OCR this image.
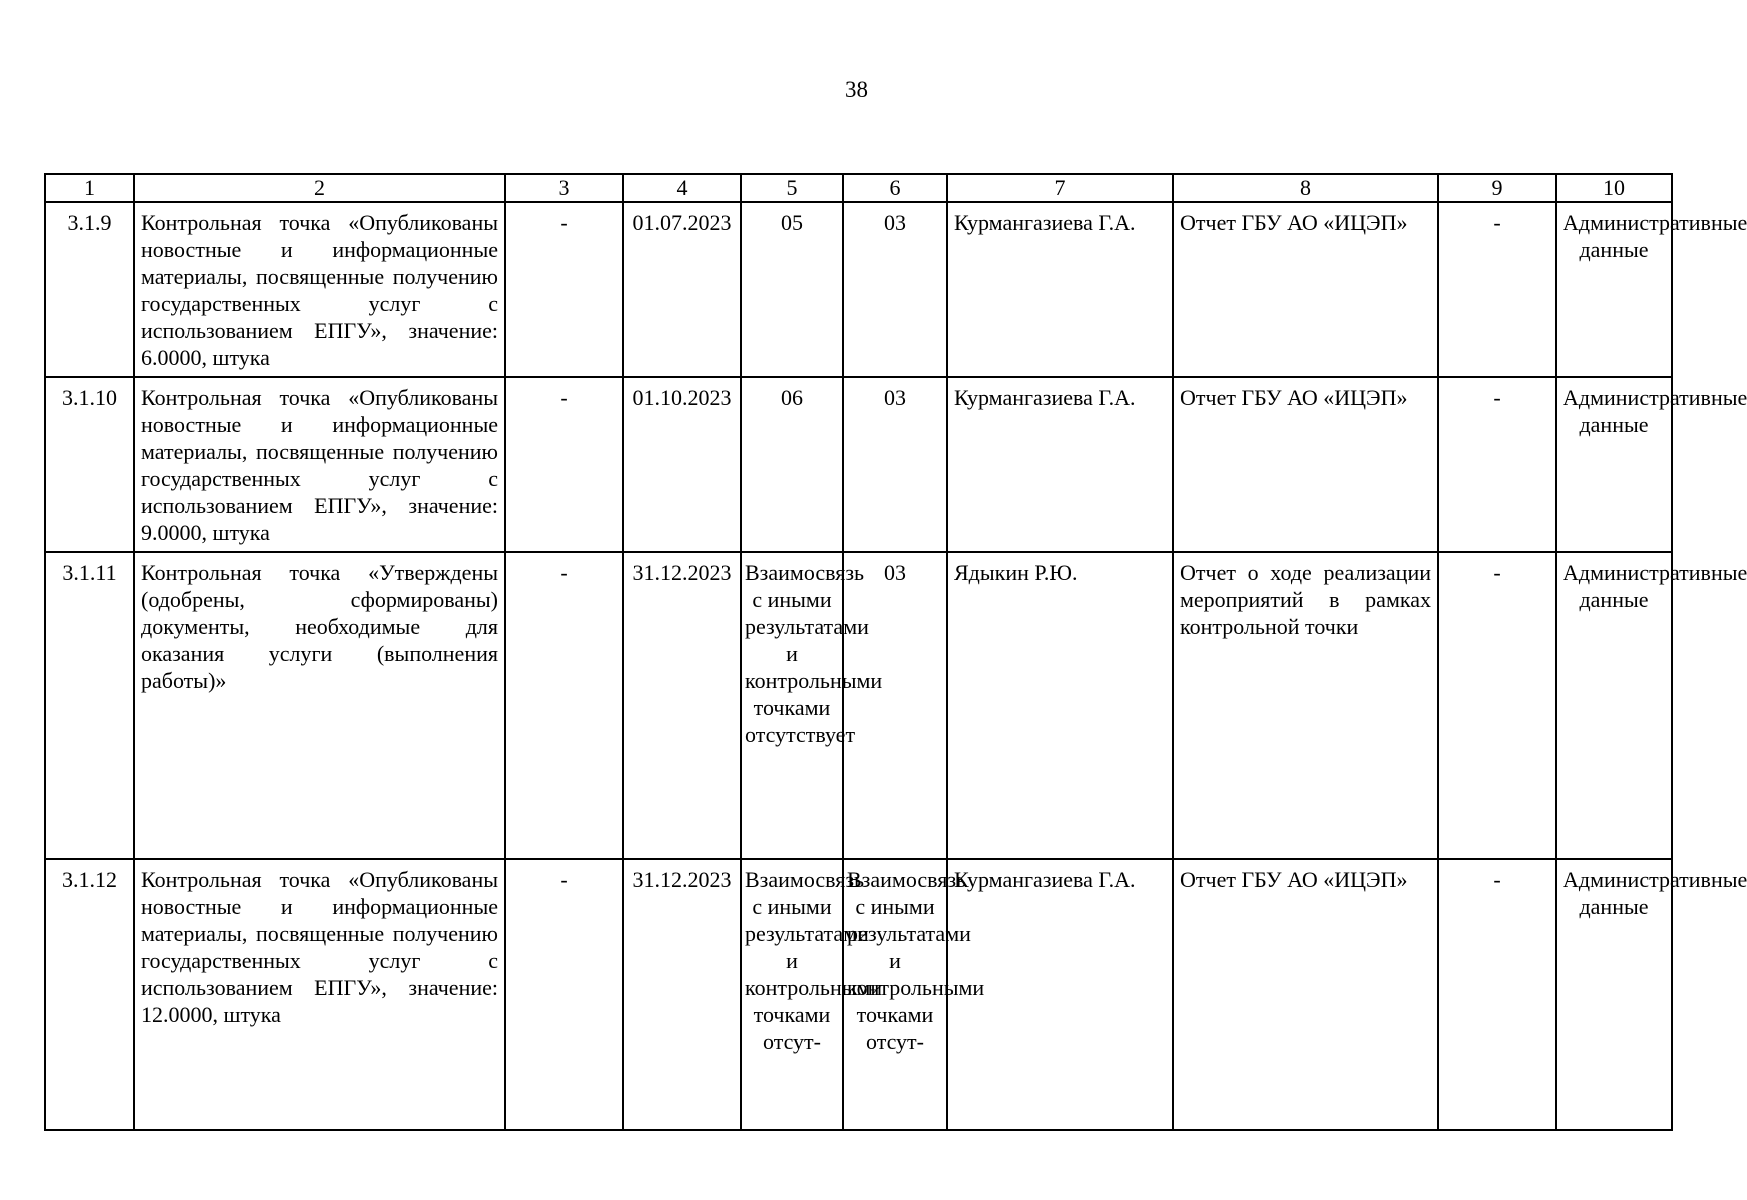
38
1	2	3	4	5	6	7	8	9	10
3.1.9	Контрольная точка «Опубликованы новостные и информационные материалы, посвященные получению государственных услуг с использованием ЕПГУ», значение: 6.0000, штука	-	01.07.2023	05	03	Курмангазиева Г.А.	Отчет ГБУ АО «ИЦЭП»	-	Административные данные
3.1.10	Контрольная точка «Опубликованы новостные и информационные материалы, посвященные получению государственных услуг с использованием ЕПГУ», значение: 9.0000, штука	-	01.10.2023	06	03	Курмангазиева Г.А.	Отчет ГБУ АО «ИЦЭП»	-	Административные данные
3.1.11	Контрольная точка «Утверждены (одобрены, сформированы) документы, необходимые для оказания услуги (выполнения работы)»	-	31.12.2023	Взаимосвязь с иными результатами и контрольными точками отсутствует	03	Ядыкин Р.Ю.	Отчет о ходе реализации мероприятий в рамках контрольной точки	-	Административные данные
3.1.12	Контрольная точка «Опубликованы новостные и информационные материалы, посвященные получению государственных услуг с использованием ЕПГУ», значение: 12.0000, штука	-	31.12.2023	Взаимосвязь с иными результатами и контрольными точками отсут-	Взаимосвязь с иными результатами и контрольными точками отсут-	Курмангазиева Г.А.	Отчет ГБУ АО «ИЦЭП»	-	Административные данные
